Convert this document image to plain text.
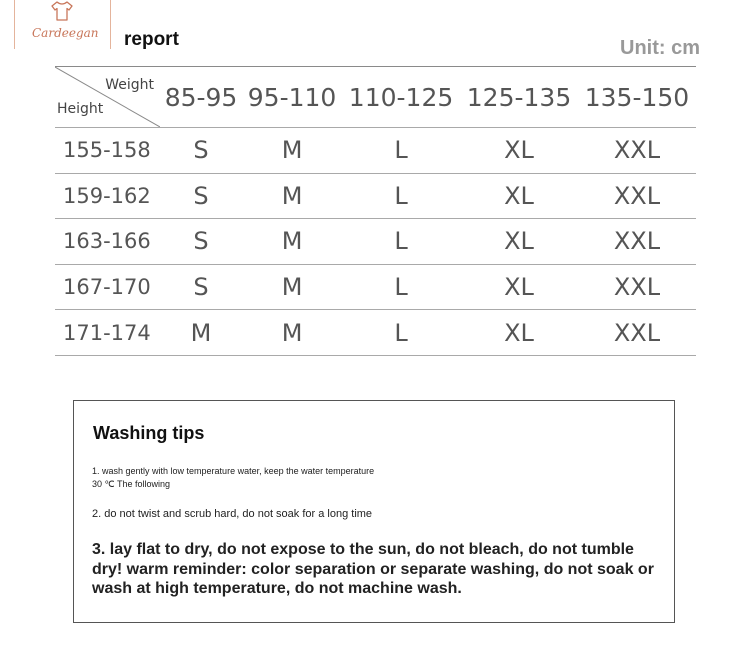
Cardeegan report	Unit: cm
Weight
Height	85-95	95-110	110-125	125-135	135-150
155-158	S	M	L	XL	XXL
159-162	S	M	L	XL	XXL
163-166	S	M	L	XL	XXL
167-170	S	M	L	XL	XXL
171-174	M	M	L	XL	XXL
Washing tips
1. wash gently with low temperature water, keep the water temperature
30 ℃ The following
2. do not twist and scrub hard, do not soak for a long time
3. lay flat to dry, do not expose to the sun, do not bleach, do not tumble dry! warm reminder: color separation or separate washing, do not soak or wash at high temperature, do not machine wash.
